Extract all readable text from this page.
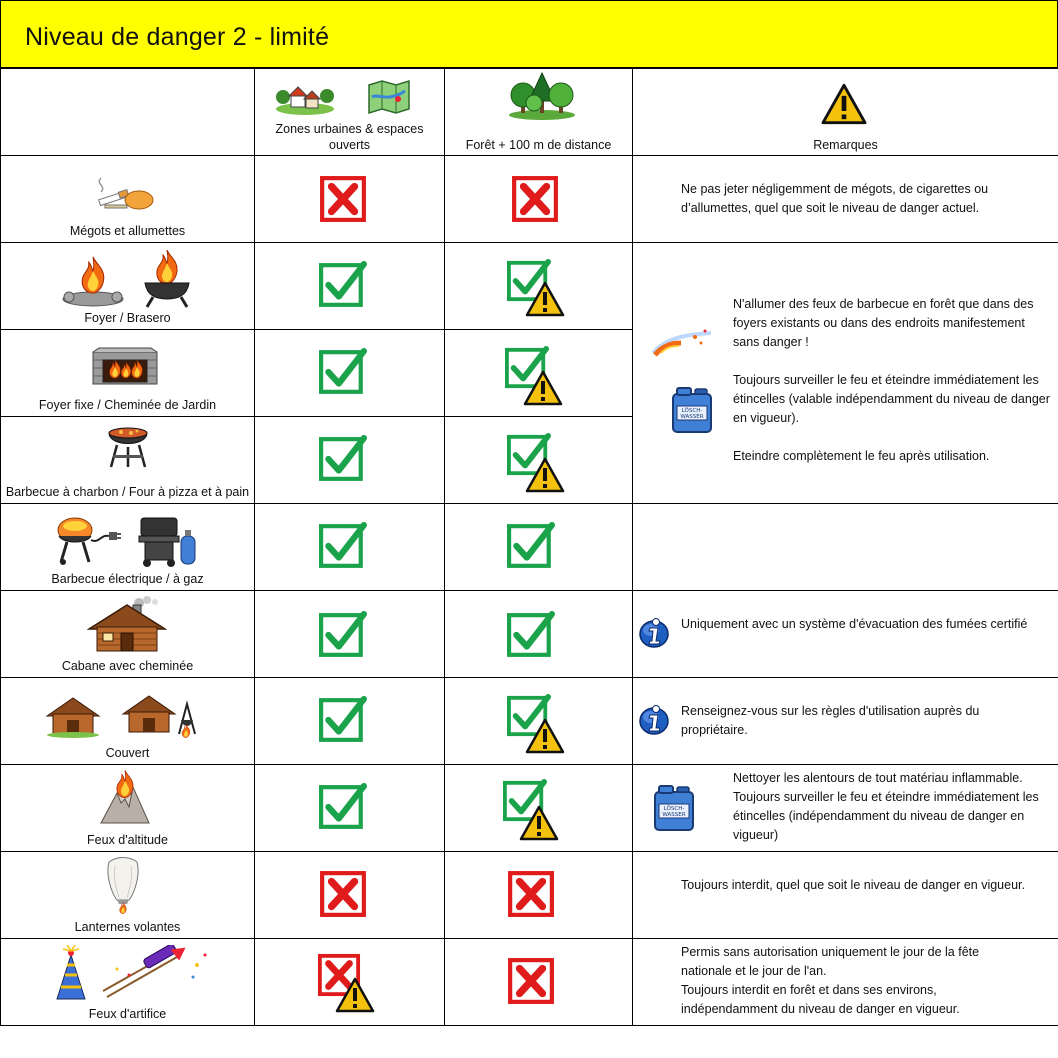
Niveau de danger 2 - limité

	Zones urbaines & espaces ouverts	Forêt + 100 m de distance	Remarques

Mégots et allumettes			Ne pas jeter négligemment de mégots, de cigarettes ou d’allumettes, quel que soit le niveau de danger actuel.

Foyer / Brasero			N'allumer des feux de barbecue en forêt que dans des foyers existants ou dans des endroits manifestement sans danger !
Toujours surveiller le feu et éteindre immédiatement les étincelles (valable indépendamment du niveau de danger en vigueur).
Eteindre complètement le feu après utilisation.

Foyer fixe / Cheminée de Jardin

Barbecue à charbon / Four à pizza et à pain

Barbecue électrique / à gaz

Cabane avec cheminée			Uniquement avec un système d'évacuation des fumées certifié

Couvert			Renseignez-vous sur les règles d'utilisation auprès du propriétaire.

Feux d'altitude			Nettoyer les alentours de tout matériau inflammable. Toujours surveiller le feu et éteindre immédiatement les étincelles (indépendamment du niveau de danger en vigueur)

Lanternes volantes			Toujours interdit, quel que soit le niveau de danger en vigueur.

Feux d'artifice			Permis sans autorisation uniquement le jour de la fête nationale et le jour de l'an.
Toujours interdit en forêt et dans ses environs, indépendamment du niveau de danger en vigueur.
